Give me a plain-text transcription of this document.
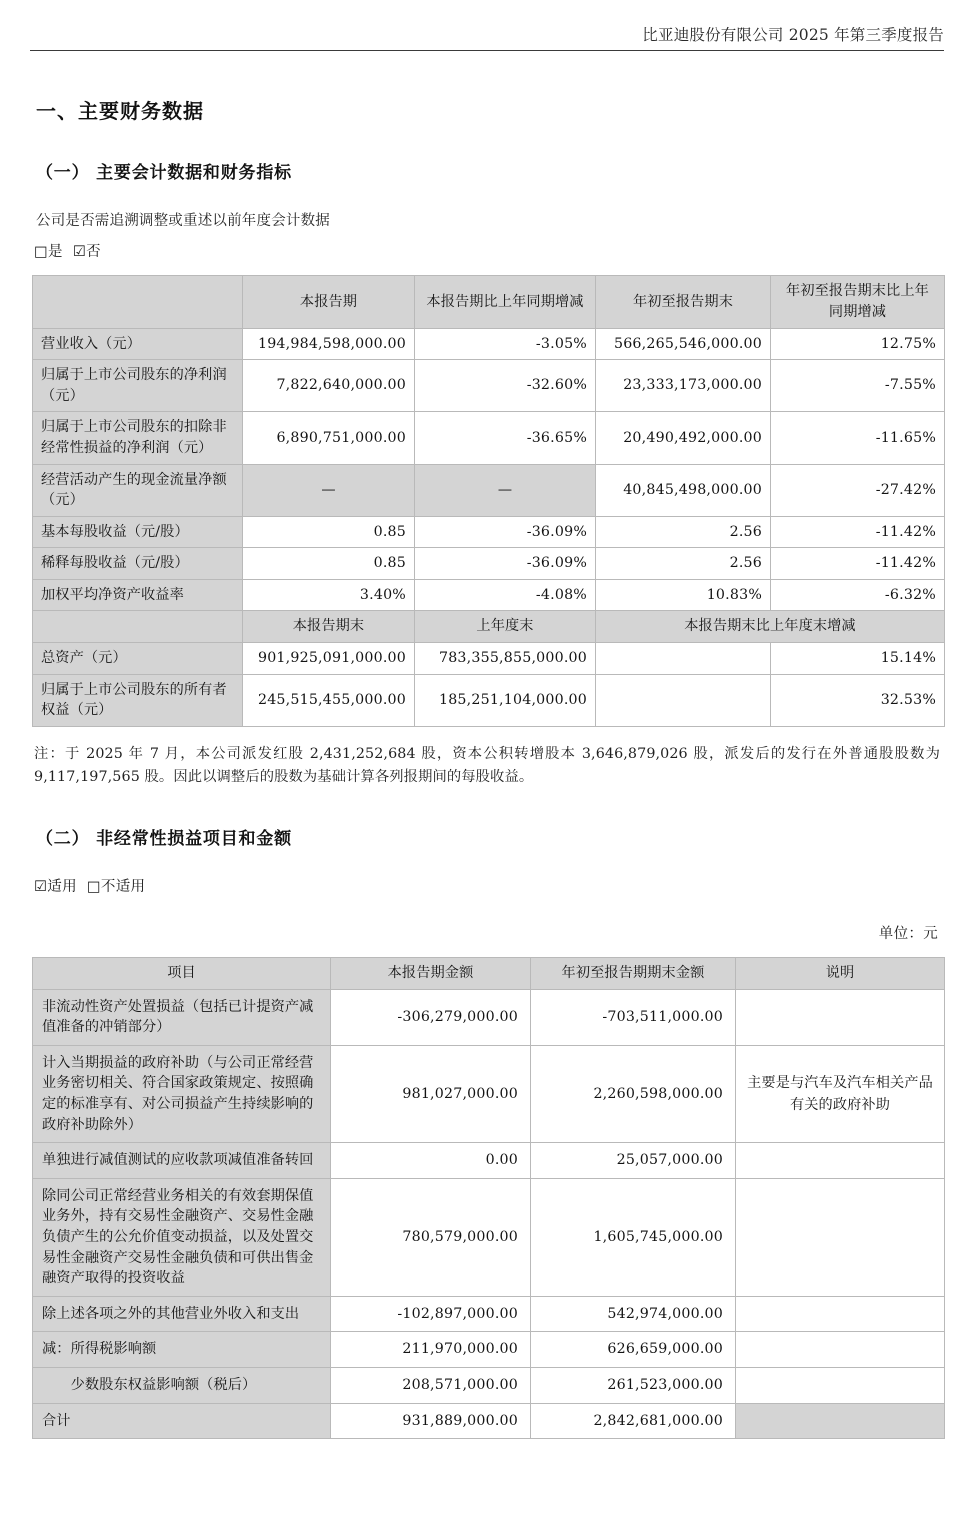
比亚迪股份有限公司 2025 年第三季度报告
一、主要财务数据
（一） 主要会计数据和财务指标
公司是否需追溯调整或重述以前年度会计数据
□是 ☑否
	本报告期	本报告期比上年同期增减	年初至报告期末	年初至报告期末比上年同期增减
营业收入（元）	194,984,598,000.00	-3.05%	566,265,546,000.00	12.75%
归属于上市公司股东的净利润（元）	7,822,640,000.00	-32.60%	23,333,173,000.00	-7.55%
归属于上市公司股东的扣除非经常性损益的净利润（元）	6,890,751,000.00	-36.65%	20,490,492,000.00	-11.65%
经营活动产生的现金流量净额（元）	—	—	40,845,498,000.00	-27.42%
基本每股收益（元/股）	0.85	-36.09%	2.56	-11.42%
稀释每股收益（元/股）	0.85	-36.09%	2.56	-11.42%
加权平均净资产收益率	3.40%	-4.08%	10.83%	-6.32%
	本报告期末	上年度末	本报告期末比上年度末增减	
总资产（元）	901,925,091,000.00	783,355,855,000.00		15.14%
归属于上市公司股东的所有者权益（元）	245,515,455,000.00	185,251,104,000.00		32.53%
注：于 2025 年 7 月，本公司派发红股 2,431,252,684 股，资本公积转增股本 3,646,879,026 股，派发后的发行在外普通股股数为 9,117,197,565 股。因此以调整后的股数为基础计算各列报期间的每股收益。
（二） 非经常性损益项目和金额
☑适用 □不适用
单位：元
项目	本报告期金额	年初至报告期期末金额	说明
非流动性资产处置损益（包括已计提资产减值准备的冲销部分）	-306,279,000.00	-703,511,000.00	
计入当期损益的政府补助（与公司正常经营业务密切相关、符合国家政策规定、按照确定的标准享有、对公司损益产生持续影响的政府补助除外）	981,027,000.00	2,260,598,000.00	主要是与汽车及汽车相关产品有关的政府补助
单独进行减值测试的应收款项减值准备转回	0.00	25,057,000.00	
除同公司正常经营业务相关的有效套期保值业务外，持有交易性金融资产、交易性金融负债产生的公允价值变动损益，以及处置交易性金融资产交易性金融负债和可供出售金融资产取得的投资收益	780,579,000.00	1,605,745,000.00	
除上述各项之外的其他营业外收入和支出	-102,897,000.00	542,974,000.00	
减：所得税影响额	211,970,000.00	626,659,000.00	
　　少数股东权益影响额（税后）	208,571,000.00	261,523,000.00	
合计	931,889,000.00	2,842,681,000.00	
